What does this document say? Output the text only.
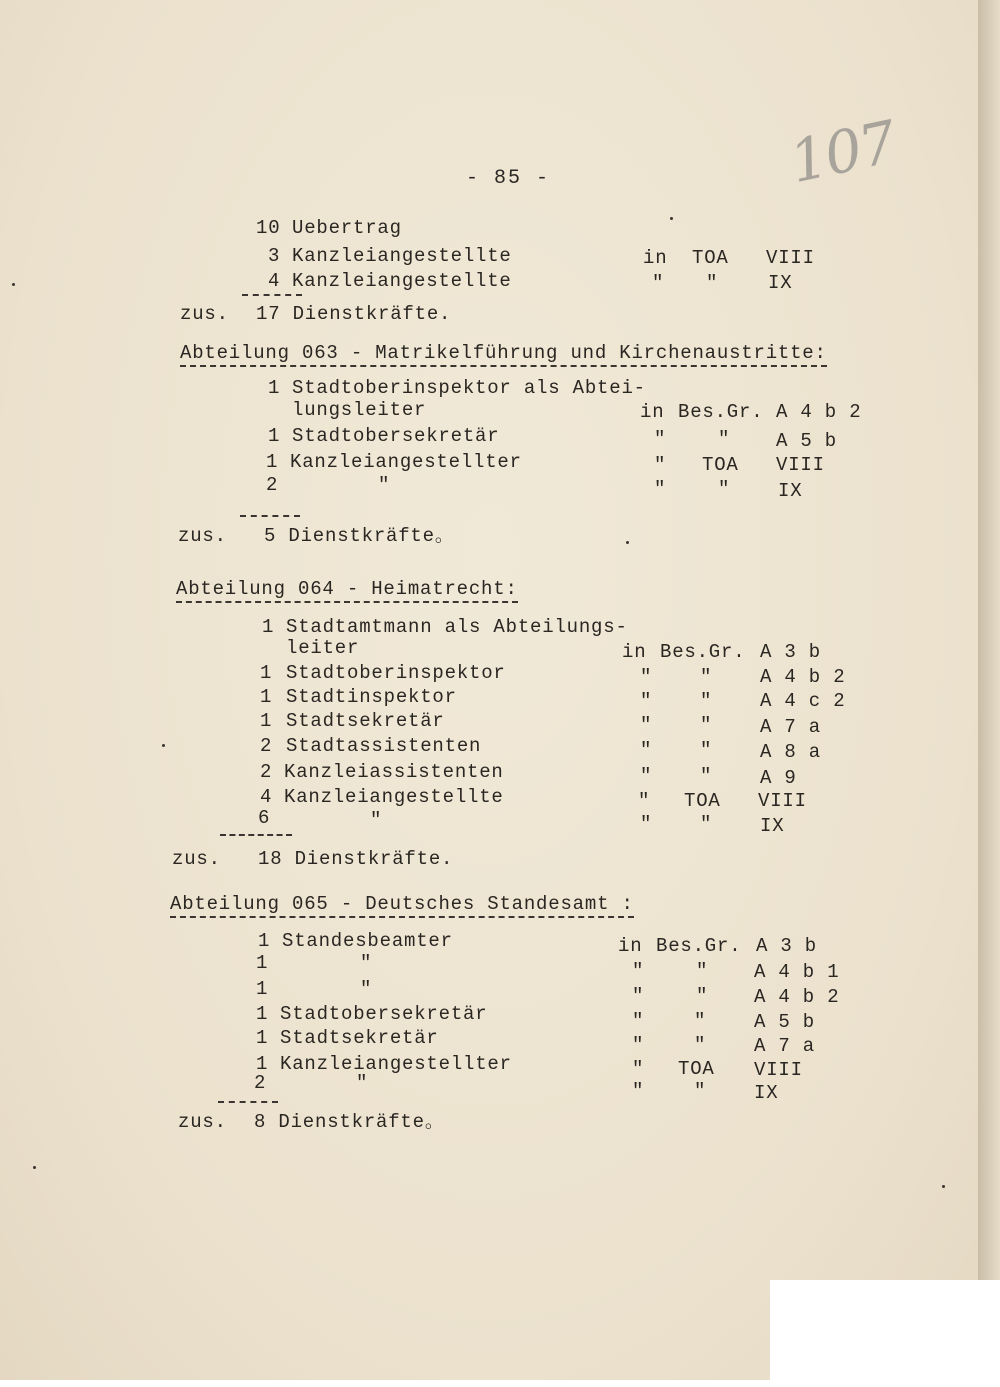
107
- 85 -
10 Uebertrag
3 Kanzleiangestellte	in TOA VIII
4 Kanzleiangestellte	" "	IX
zus. 17 Dienstkräfte.
Abteilung 063 - Matrikelführung und Kirchenaustritte:
1 Stadtoberinspektor als Abtei-
lungsleiter	in Bes.Gr. A 4 b 2
1 Stadtobersekretär	"	" A 5 b
1 Kanzleiangestellter	" TOA VIII
2	"	"	"	IX
zus. 5 Dienstkräfte。
Abteilung 064 - Heimatrecht:
1 Stadtamtmann als Abteilungs-
leiter	in Bes.Gr. A 3 b
1 Stadtoberinspektor	"	"	A 4 b 2
1 Stadtinspektor	"	"	A 4 c 2
1 Stadtsekretär	"	"	A 7 a
2 Stadtassistenten	"	"	A 8 a
2 Kanzleiassistenten	"	"	A 9
4 Kanzleiangestellte	" TOA VIII
6	"	"	"	IX
zus. 18 Dienstkräfte.
Abteilung 065 - Deutsches Standesamt :
1 Standesbeamter	in Bes.Gr. A 3 b
1	"	"	" A 4 b 1
1	"	"	" A 4 b 2
1 Stadtobersekretär	"	"	A 5 b
1 Stadtsekretär	"	"	A 7 a
1 Kanzleiangestellter	" TOA VIII
2	"	"	"	IX
zus. 8 Dienstkräfte。
